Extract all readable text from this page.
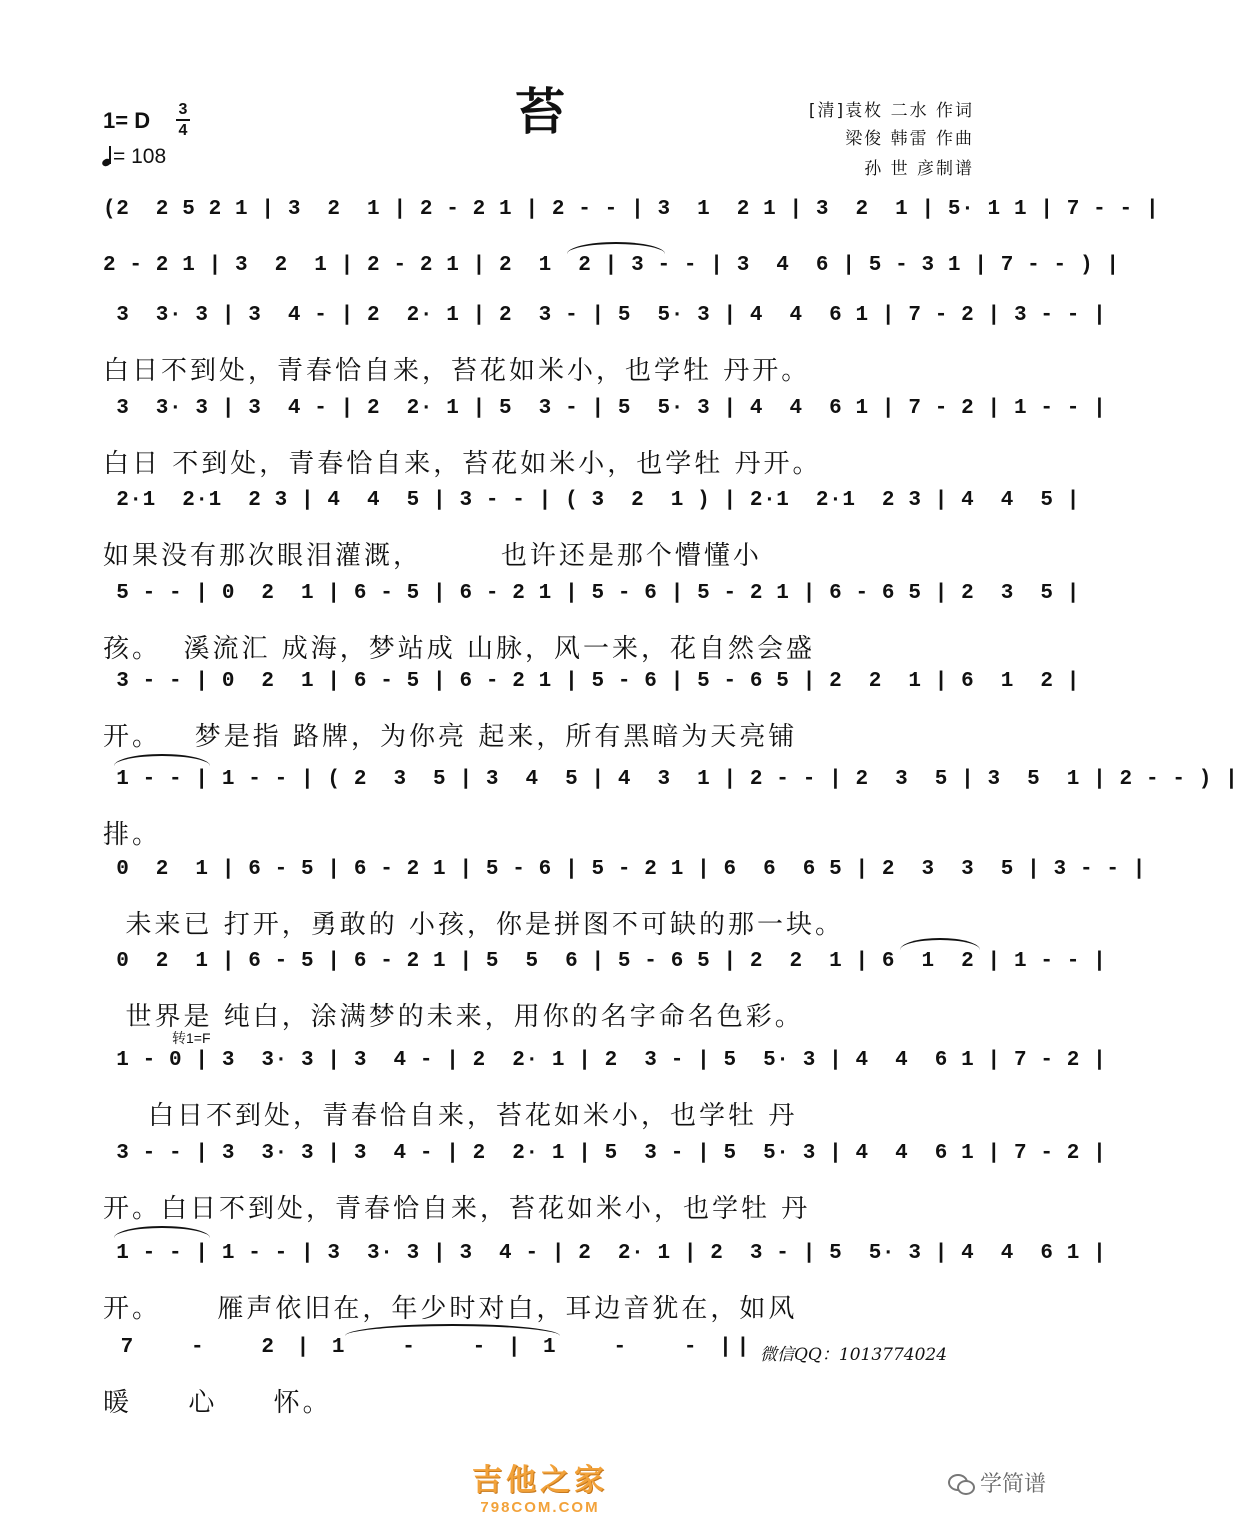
苔
1= D 3
4
= 108
[清]袁枚 二水 作词
梁俊 韩雷 作曲
孙 世 彦制谱
(2  2 5 2 1 | 3  2  1 | 2 - 2 1 | 2 - - | 3  1  2 1 | 3  2  1 | 5· 1 1 | 7 - - |
2 - 2 1 | 3  2  1 | 2 - 2 1 | 2  1  2 | 3 - - | 3  4  6 | 5 - 3 1 | 7 - - ) |
3  3· 3 | 3  4 - | 2  2· 1 | 2  3 - | 5  5· 3 | 4  4  6 1 | 7 - 2 | 3 - - |
白日不到处，青春恰自来，苔花如米小，也学牡 丹开。
3  3· 3 | 3  4 - | 2  2· 1 | 5  3 - | 5  5· 3 | 4  4  6 1 | 7 - 2 | 1 - - |
白日 不到处，青春恰自来，苔花如米小，也学牡 丹开。
2·1  2·1  2 3 | 4  4  5 | 3 - - | ( 3  2  1 ) | 2·1  2·1  2 3 | 4  4  5 |
如果没有那次眼泪灌溉，       也许还是那个懵懂小
5 - - | 0  2  1 | 6 - 5 | 6 - 2 1 | 5 - 6 | 5 - 2 1 | 6 - 6 5 | 2  3  5 |
孩。  溪流汇 成海，梦站成 山脉，风一来，花自然会盛
3 - - | 0  2  1 | 6 - 5 | 6 - 2 1 | 5 - 6 | 5 - 6 5 | 2  2  1 | 6  1  2 |
开。   梦是指 路牌，为你亮 起来，所有黑暗为天亮铺
1 - - | 1 - - | ( 2  3  5 | 3  4  5 | 4  3  1 | 2 - - | 2  3  5 | 3  5  1 | 2 - - ) |
排。
0  2  1 | 6 - 5 | 6 - 2 1 | 5 - 6 | 5 - 2 1 | 6  6  6 5 | 2  3  3  5 | 3 - - |
未来已 打开，勇敢的 小孩，你是拼图不可缺的那一块。
0  2  1 | 6 - 5 | 6 - 2 1 | 5  5  6 | 5 - 6 5 | 2  2  1 | 6  1  2 | 1 - - |
世界是 纯白，涂满梦的未来，用你的名字命名色彩。
转1=F
1 - 0 | 3  3· 3 | 3  4 - | 2  2· 1 | 2  3 - | 5  5· 3 | 4  4  6 1 | 7 - 2 |
白日不到处，青春恰自来，苔花如米小，也学牡 丹
3 - - | 3  3· 3 | 3  4 - | 2  2· 1 | 5  3 - | 5  5· 3 | 4  4  6 1 | 7 - 2 |
开。白日不到处，青春恰自来，苔花如米小，也学牡 丹
1 - - | 1 - - | 3  3· 3 | 3  4 - | 2  2· 1 | 2  3 - | 5  5· 3 | 4  4  6 1 |
开。     雁声依旧在，年少时对白，耳边音犹在，如风
7   -   2 | 1   -   - | 1   -   - ||
暖     心     怀。
微信QQ：1013774024
吉他之家
798COM.COM
学简谱
